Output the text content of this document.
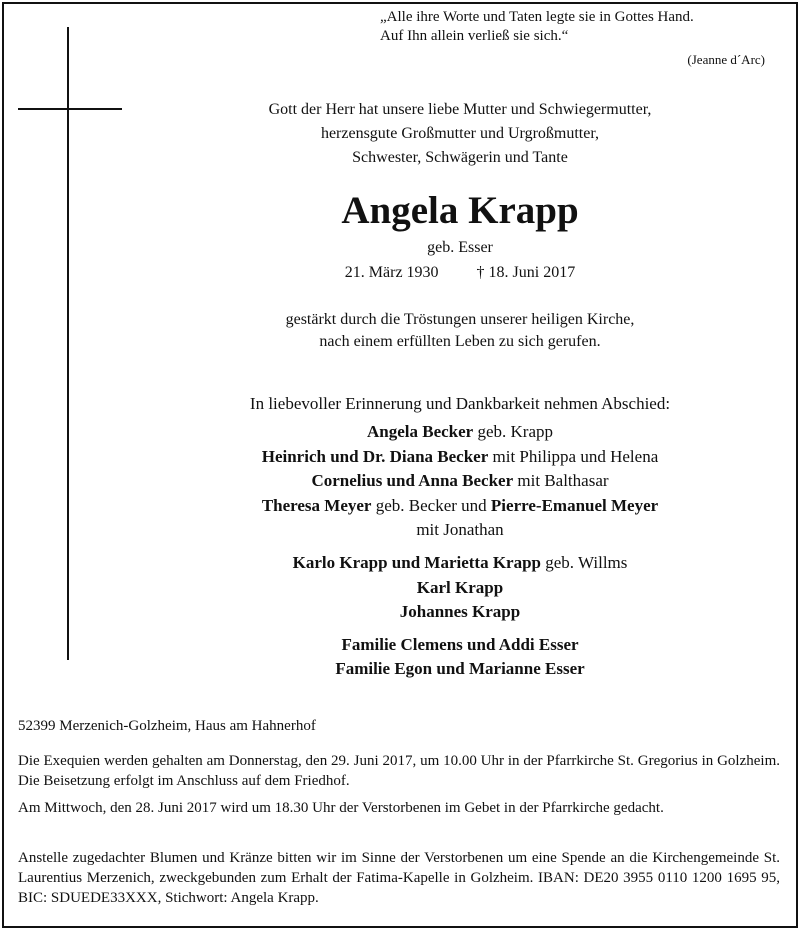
„Alle ihre Worte und Taten legte sie in Gottes Hand.
Auf Ihn allein verließ sie sich.“
(Jeanne d´Arc)
Gott der Herr hat unsere liebe Mutter und Schwiegermutter,
herzensgute Großmutter und Urgroßmutter,
Schwester, Schwägerin und Tante
Angela Krapp
geb. Esser
21. März 1930 † 18. Juni 2017
gestärkt durch die Tröstungen unserer heiligen Kirche,
nach einem erfüllten Leben zu sich gerufen.
In liebevoller Erinnerung und Dankbarkeit nehmen Abschied:
Angela Becker geb. Krapp
Heinrich und Dr. Diana Becker mit Philippa und Helena
Cornelius und Anna Becker mit Balthasar
Theresa Meyer geb. Becker und Pierre-Emanuel Meyer
mit Jonathan
Karlo Krapp und Marietta Krapp geb. Willms
Karl Krapp
Johannes Krapp
Familie Clemens und Addi Esser
Familie Egon und Marianne Esser
52399 Merzenich-Golzheim, Haus am Hahnerhof
Die Exequien werden gehalten am Donnerstag, den 29. Juni 2017, um 10.00 Uhr in der Pfarrkirche St. Gregorius in Golzheim. Die Beisetzung erfolgt im Anschluss auf dem Friedhof.
Am Mittwoch, den 28. Juni 2017 wird um 18.30 Uhr der Verstorbenen im Gebet in der Pfarrkirche gedacht.
Anstelle zugedachter Blumen und Kränze bitten wir im Sinne der Verstorbenen um eine Spende an die Kirchengemeinde St. Laurentius Merzenich, zweckgebunden zum Erhalt der Fatima-Kapelle in Golzheim. IBAN: DE20 3955 0110 1200 1695 95, BIC: SDUEDE33XXX, Stichwort: Angela Krapp.
